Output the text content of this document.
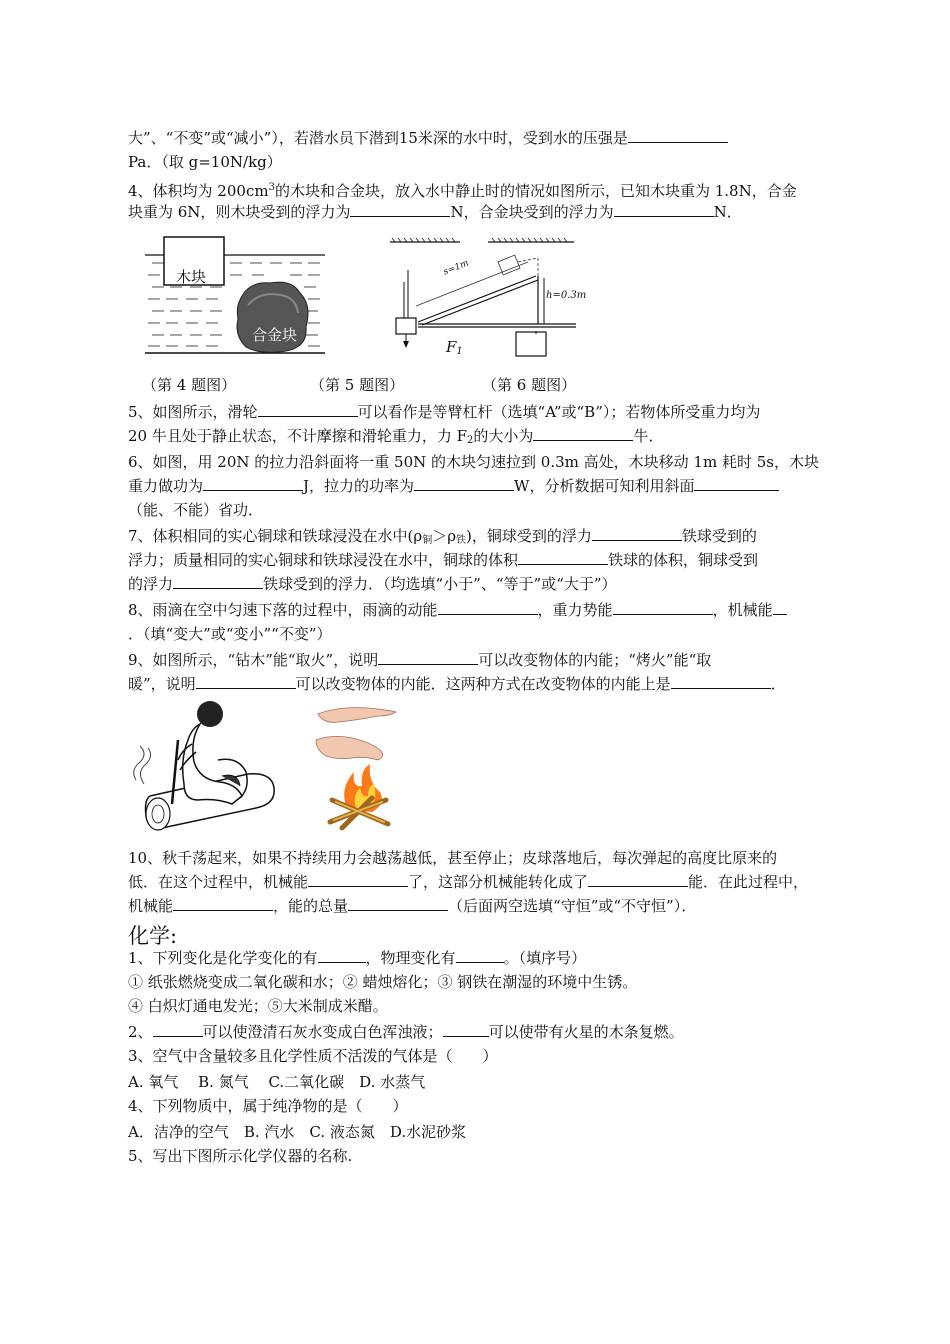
大”、“不变”或“减小”），若潜水员下潜到15米深的水中时，受到水的压强是
Pa．（取 g=10N/kg）
4、体积均为 $200cm^3$的木块和合金块，放入水中静止时的情况如图所示，已知木块重为 1.8N，合金
块重为 6N，则木块受到的浮力为	N，合金块受到的浮力为	N．
木块
合金块
s=1m
h=0.3m
$F_1$
（第 4 题图）	（第 5 题图）	（第 6 题图）
5、如图所示，滑轮	可以看作是等臂杠杆（选填“A”或“B”）；若物体所受重力均为
20 牛且处于静止状态，不计摩擦和滑轮重力，力 $F_2$的大小为	牛．
6、如图，用 20N 的拉力沿斜面将一重 50N 的木块匀速拉到 0.3m 高处，木块移动 1m 耗时 5s，木块
重力做功为	J，拉力的功率为	W，分析数据可知利用斜面
（能、不能）省功．
7、体积相同的实心铜球和铁球浸没在水中$(\rho_铜>\rho_铁)$，铜球受到的浮力	铁球受到的
浮力；质量相同的实心铜球和铁球浸没在水中，铜球的体积	铁球的体积，铜球受到
的浮力	铁球受到的浮力．（均选填“小于”、“等于”或“大于”）
8、雨滴在空中匀速下落的过程中，雨滴的动能	，重力势能	，机械能
．（填“变大”或“变小”“不变”）
9、如图所示，“钻木”能“取火”，说明	可以改变物体的内能；“烤火”能“取
暖”，说明	可以改变物体的内能．这两种方式在改变物体的内能上是	．
10、秋千荡起来，如果不持续用力会越荡越低，甚至停止；皮球落地后，每次弹起的高度比原来的
低．在这个过程中，机械能	了，这部分机械能转化成了	能．在此过程中，
机械能	，能的总量	（后面两空选填“守恒”或“不守恒”）．
化学:
1、下列变化是化学变化的有	，物理变化有	。（填序号）
① 纸张燃烧变成二氧化碳和水；② 蜡烛熔化；③ 钢铁在潮湿的环境中生锈。
④ 白炽灯通电发光；⑤大米制成米醋。
2、	可以使澄清石灰水变成白色浑浊液；	可以使带有火星的木条复燃。
3、空气中含量较多且化学性质不活泼的气体是（　　）
A. 氧气　 B. 氮气　 C.二氧化碳　D. 水蒸气
4、下列物质中，属于纯净物的是（　　）
A．洁净的空气　B. 汽水　C. 液态氮　D.水泥砂浆
5、写出下图所示化学仪器的名称.
